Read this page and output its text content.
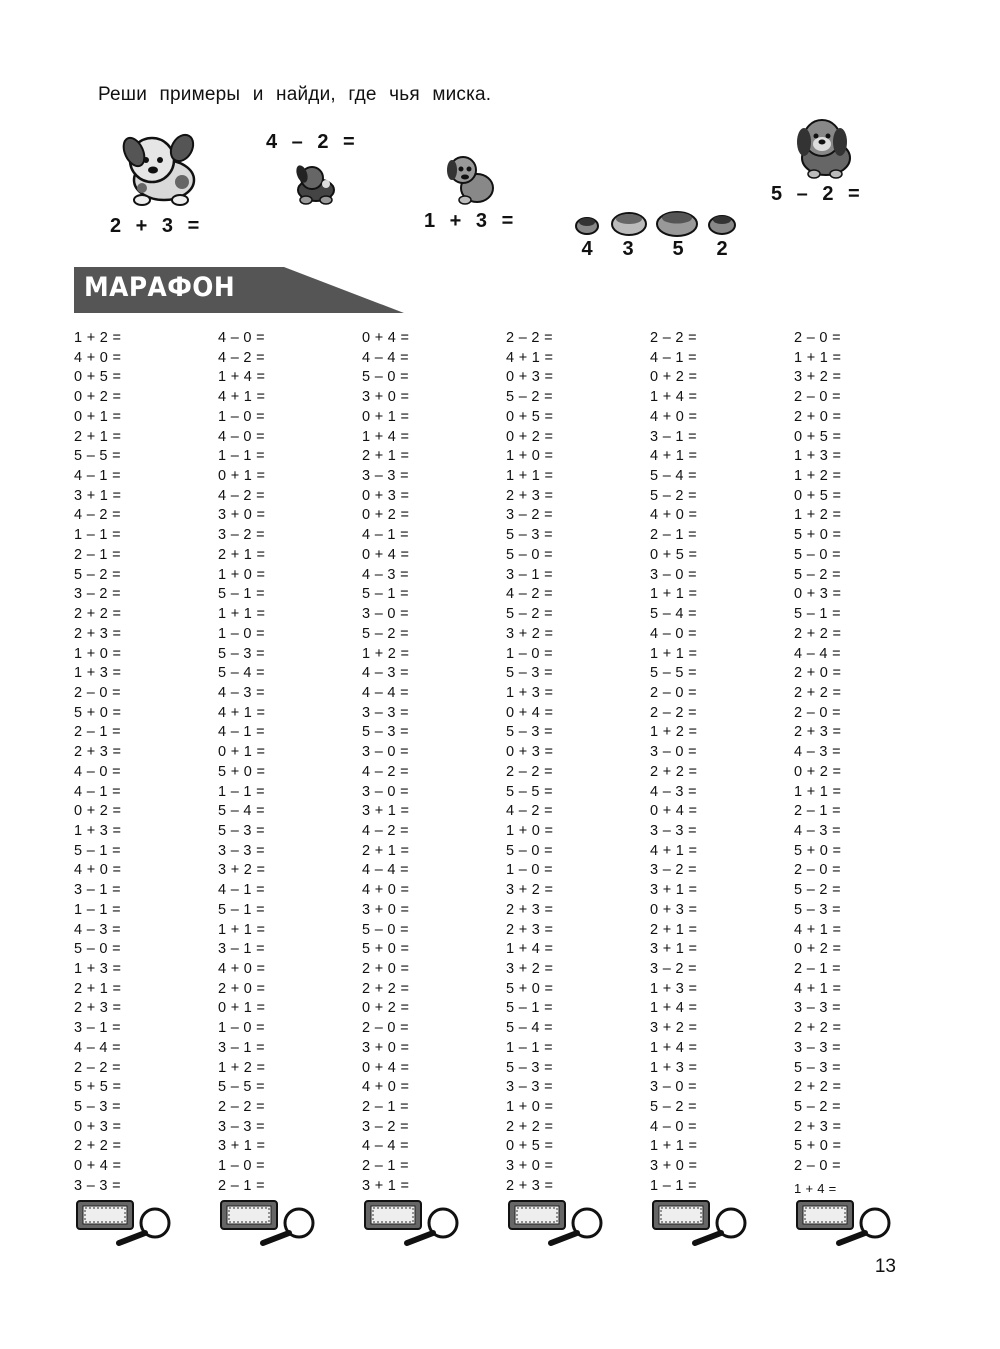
Реши примеры и найди, где чья миска.
2 + 3 =
4 – 2 =
1 + 3 =
4	3	5	2
5 – 2 =
МАРАФОН
1 + 2 =
4 + 0 =
0 + 5 =
0 + 2 =
0 + 1 =
2 + 1 =
5 – 5 =
4 – 1 =
3 + 1 =
4 – 2 =
1 – 1 =
2 – 1 =
5 – 2 =
3 – 2 =
2 + 2 =
2 + 3 =
1 + 0 =
1 + 3 =
2 – 0 =
5 + 0 =
2 – 1 =
2 + 3 =
4 – 0 =
4 – 1 =
0 + 2 =
1 + 3 =
5 – 1 =
4 + 0 =
3 – 1 =
1 – 1 =
4 – 3 =
5 – 0 =
1 + 3 =
2 + 1 =
2 + 3 =
3 – 1 =
4 – 4 =
2 – 2 =
5 + 5 =
5 – 3 =
0 + 3 =
2 + 2 =
0 + 4 =
3 – 3 =
4 – 0 =
4 – 2 =
1 + 4 =
4 + 1 =
1 – 0 =
4 – 0 =
1 – 1 =
0 + 1 =
4 – 2 =
3 + 0 =
3 – 2 =
2 + 1 =
1 + 0 =
5 – 1 =
1 + 1 =
1 – 0 =
5 – 3 =
5 – 4 =
4 – 3 =
4 + 1 =
4 – 1 =
0 + 1 =
5 + 0 =
1 – 1 =
5 – 4 =
5 – 3 =
3 – 3 =
3 + 2 =
4 – 1 =
5 – 1 =
1 + 1 =
3 – 1 =
4 + 0 =
2 + 0 =
0 + 1 =
1 – 0 =
3 – 1 =
1 + 2 =
5 – 5 =
2 – 2 =
3 – 3 =
3 + 1 =
1 – 0 =
2 – 1 =
0 + 4 =
4 – 4 =
5 – 0 =
3 + 0 =
0 + 1 =
1 + 4 =
2 + 1 =
3 – 3 =
0 + 3 =
0 + 2 =
4 – 1 =
0 + 4 =
4 – 3 =
5 – 1 =
3 – 0 =
5 – 2 =
1 + 2 =
4 – 3 =
4 – 4 =
3 – 3 =
5 – 3 =
3 – 0 =
4 – 2 =
3 – 0 =
3 + 1 =
4 – 2 =
2 + 1 =
4 – 4 =
4 + 0 =
3 + 0 =
5 – 0 =
5 + 0 =
2 + 0 =
2 + 2 =
0 + 2 =
2 – 0 =
3 + 0 =
0 + 4 =
4 + 0 =
2 – 1 =
3 – 2 =
4 – 4 =
2 – 1 =
3 + 1 =
2 – 2 =
4 + 1 =
0 + 3 =
5 – 2 =
0 + 5 =
0 + 2 =
1 + 0 =
1 + 1 =
2 + 3 =
3 – 2 =
5 – 3 =
5 – 0 =
3 – 1 =
4 – 2 =
5 – 2 =
3 + 2 =
1 – 0 =
5 – 3 =
1 + 3 =
0 + 4 =
5 – 3 =
0 + 3 =
2 – 2 =
5 – 5 =
4 – 2 =
1 + 0 =
5 – 0 =
1 – 0 =
3 + 2 =
2 + 3 =
2 + 3 =
1 + 4 =
3 + 2 =
5 + 0 =
5 – 1 =
5 – 4 =
1 – 1 =
5 – 3 =
3 – 3 =
1 + 0 =
2 + 2 =
0 + 5 =
3 + 0 =
2 + 3 =
2 – 2 =
4 – 1 =
0 + 2 =
1 + 4 =
4 + 0 =
3 – 1 =
4 + 1 =
5 – 4 =
5 – 2 =
4 + 0 =
2 – 1 =
0 + 5 =
3 – 0 =
1 + 1 =
5 – 4 =
4 – 0 =
1 + 1 =
5 – 5 =
2 – 0 =
2 – 2 =
1 + 2 =
3 – 0 =
2 + 2 =
4 – 3 =
0 + 4 =
3 – 3 =
4 + 1 =
3 – 2 =
3 + 1 =
0 + 3 =
2 + 1 =
3 + 1 =
3 – 2 =
1 + 3 =
1 + 4 =
3 + 2 =
1 + 4 =
1 + 3 =
3 – 0 =
5 – 2 =
4 – 0 =
1 + 1 =
3 + 0 =
1 – 1 =
2 – 0 =
1 + 1 =
3 + 2 =
2 – 0 =
2 + 0 =
0 + 5 =
1 + 3 =
1 + 2 =
0 + 5 =
1 + 2 =
5 + 0 =
5 – 0 =
5 – 2 =
0 + 3 =
5 – 1 =
2 + 2 =
4 – 4 =
2 + 0 =
2 + 2 =
2 – 0 =
2 + 3 =
4 – 3 =
0 + 2 =
1 + 1 =
2 – 1 =
4 – 3 =
5 + 0 =
2 – 0 =
5 – 2 =
5 – 3 =
4 + 1 =
0 + 2 =
2 – 1 =
4 + 1 =
3 – 3 =
2 + 2 =
3 – 3 =
5 – 3 =
2 + 2 =
5 – 2 =
2 + 3 =
5 + 0 =
2 – 0 =
1 + 4 =
13
